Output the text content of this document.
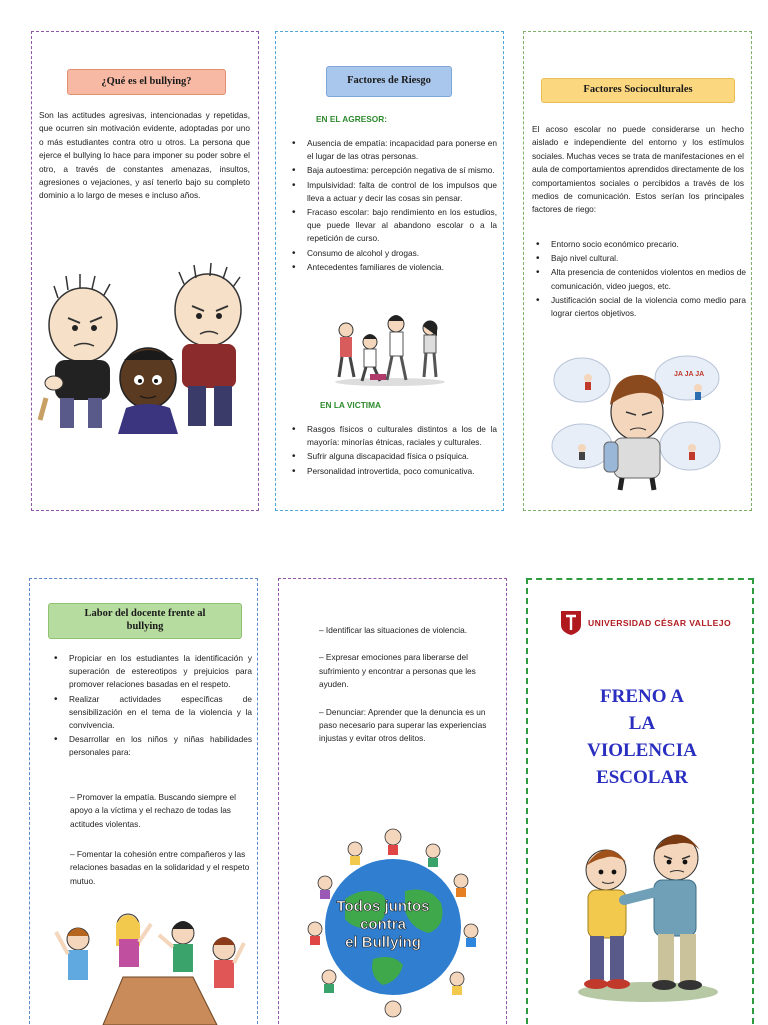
¿Qué es el bullying?
Son las actitudes agresivas, intencionadas y repetidas, que ocurren sin motivación evidente, adoptadas por uno o más estudiantes contra otro u otros. La persona que ejerce el bullying lo hace para imponer su poder sobre el otro, a través de constantes amenazas, insultos, agresiones o vejaciones, y así tenerlo bajo su completo dominio a lo largo de meses e incluso años.
Factores de Riesgo
EN EL AGRESOR:
• Ausencia de empatía: incapacidad para ponerse en el lugar de las otras personas.
• Baja autoestima: percepción negativa de sí mismo.
• Impulsividad: falta de control de los impulsos que lleva a actuar y decir las cosas sin pensar.
• Fracaso escolar: bajo rendimiento en los estudios, que puede llevar al abandono escolar o a la repetición de curso.
• Consumo de alcohol y drogas.
• Antecedentes familiares de violencia.
EN LA VICTIMA
• Rasgos físicos o culturales distintos a los de la mayoría: minorías étnicas, raciales y culturales.
• Sufrir alguna discapacidad física o psíquica.
• Personalidad introvertida, poco comunicativa.
Factores Socioculturales
El acoso escolar no puede considerarse un hecho aislado e independiente del entorno y los estímulos sociales. Muchas veces se trata de manifestaciones en el aula de comportamientos aprendidos directamente de los comportamientos sociales o percibidos a través de los medios de comunicación. Estos serían los principales factores de riego:
• Entorno socio económico precario.
• Bajo nivel cultural.
• Alta presencia de contenidos violentos en medios de comunicación, video juegos, etc.
• Justificación social de la violencia como medio para lograr ciertos objetivos.
JA JA JA
Labor del docente frente al bullying
• Propiciar en los estudiantes la identificación y superación de estereotipos y prejuicios para promover relaciones basadas en el respeto.
• Realizar actividades específicas de sensibilización en el tema de la violencia y la convivencia.
• Desarrollar en los niños y niñas habilidades personales para:
– Promover la empatía. Buscando siempre el apoyo a la víctima y el rechazo de todas las actitudes violentas.
– Fomentar la cohesión entre compañeros y las relaciones basadas en la solidaridad y el respeto mutuo.

– Identificar las situaciones de violencia.

– Expresar emociones para liberarse del sufrimiento y encontrar a personas que les ayuden.

– Denunciar: Aprender que la denuncia es un paso necesario para superar las experiencias injustas y evitar otros delitos.

Todos juntos
contra
el Bullying
UNIVERSIDAD CÉSAR VALLEJO
FRENO A
LA
VIOLENCIA
ESCOLAR
